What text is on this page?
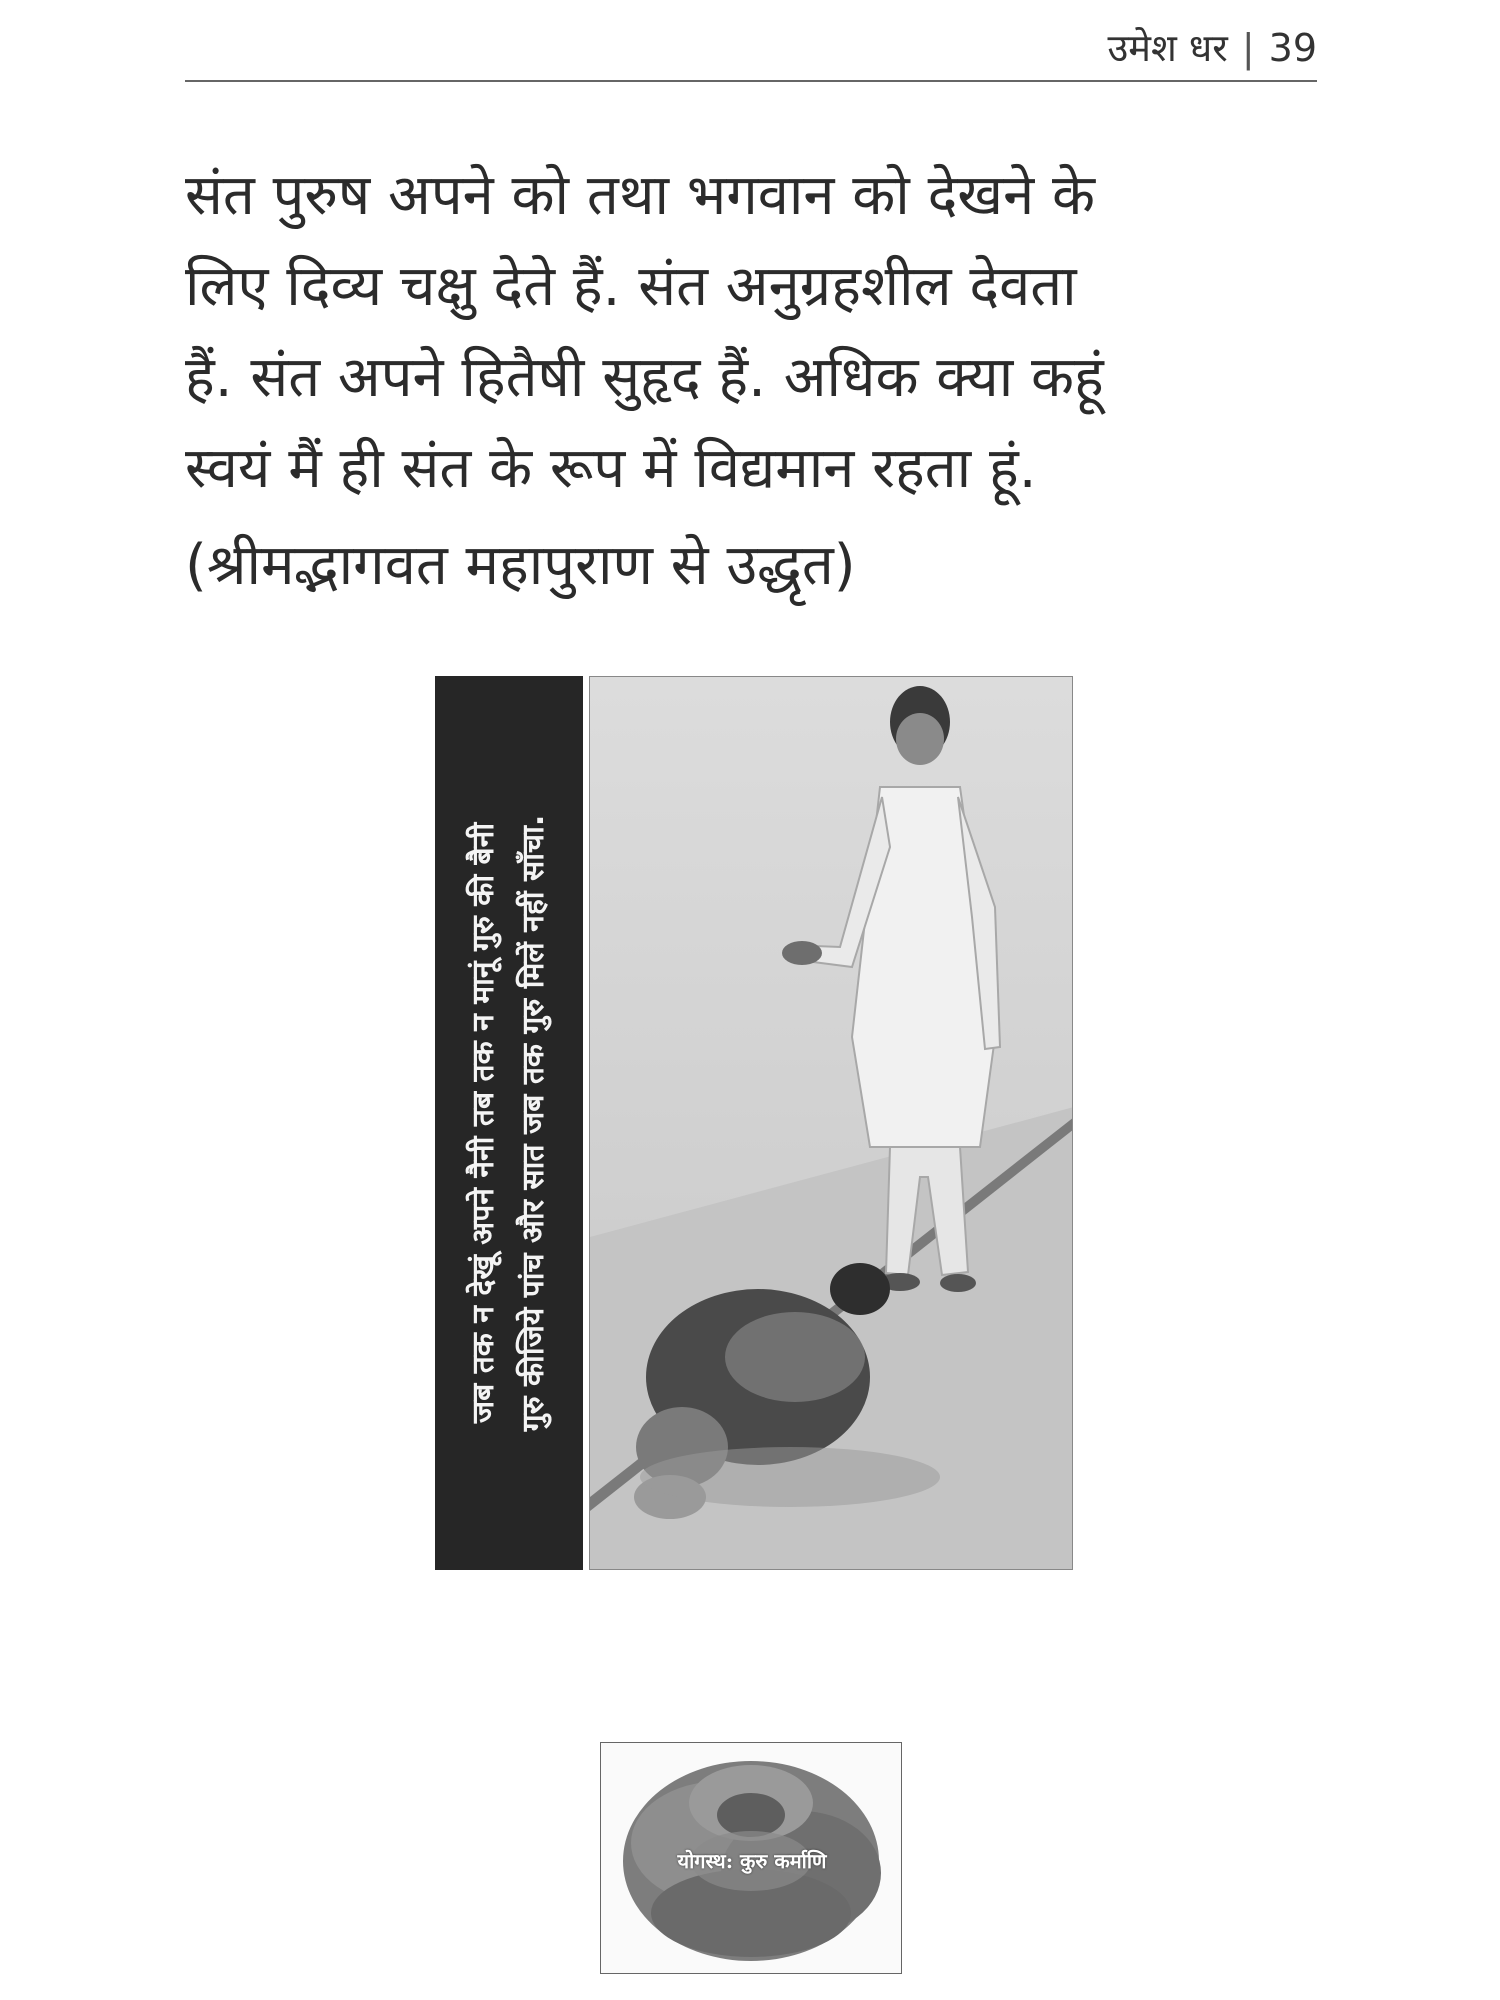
उमेश धर | 39

संत पुरुष अपने को तथा भगवान को देखने के

लिए दिव्य चक्षु देते हैं. संत अनुग्रहशील देवता

हैं. संत अपने हितैषी सुहृद हैं. अधिक क्या कहूं

स्वयं मैं ही संत के रूप में विद्यमान रहता हूं.

(श्रीमद्भागवत महापुराण से उद्धृत)
जब तक न देखूं अपने नैनी तब तक न मानूं गुरु की बैनी गुरु कीजिये पांच और सात जब तक गुरु मिलें नहीं साँचा.
योगस्थ: कुरु कर्माणि
